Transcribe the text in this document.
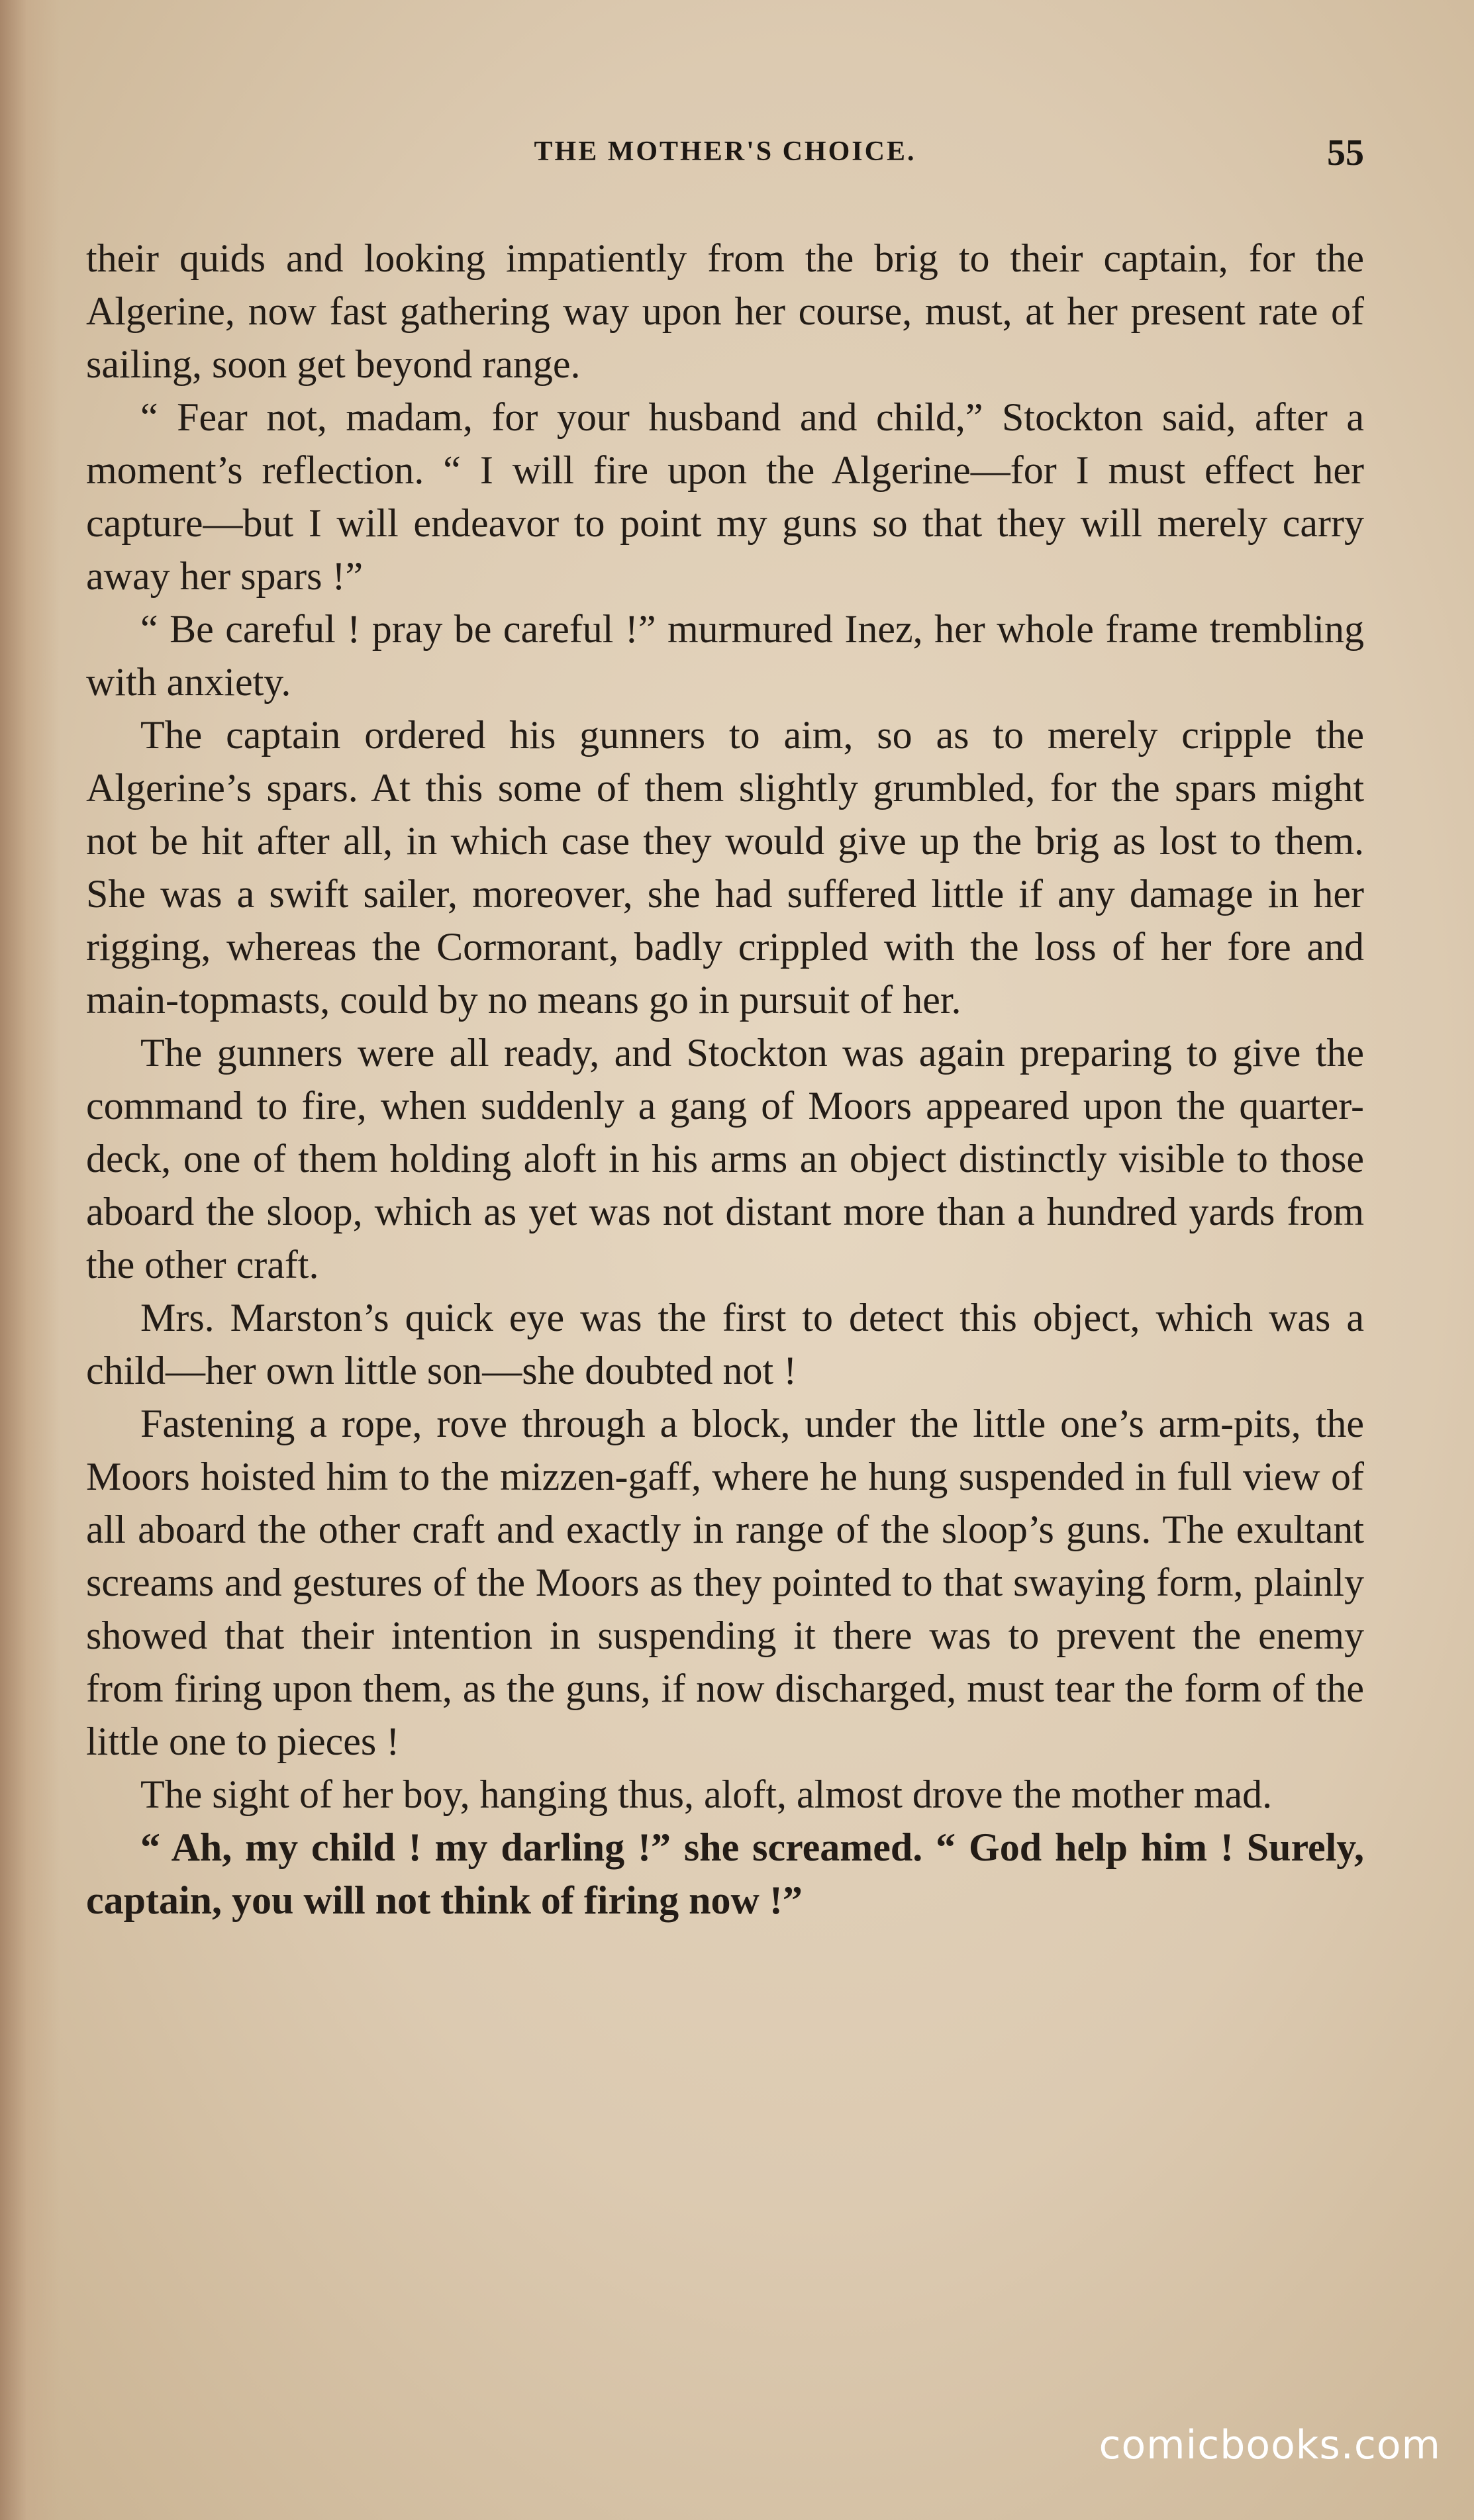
THE MOTHER'S CHOICE.	55

their quids and looking impatiently from the brig to their captain, for the Algerine, now fast gathering way upon her course, must, at her present rate of sailing, soon get beyond range.

“ Fear not, madam, for your husband and child,” Stockton said, after a moment’s reflection. “ I will fire upon the Algerine—for I must effect her capture—but I will endeavor to point my guns so that they will merely carry away her spars !”

“ Be careful ! pray be careful !” murmured Inez, her whole frame trembling with anxiety.

The captain ordered his gunners to aim, so as to merely cripple the Algerine’s spars. At this some of them slightly grumbled, for the spars might not be hit after all, in which case they would give up the brig as lost to them. She was a swift sailer, moreover, she had suffered little if any damage in her rigging, whereas the Cormorant, badly crippled with the loss of her fore and main-topmasts, could by no means go in pursuit of her.

The gunners were all ready, and Stockton was again preparing to give the command to fire, when suddenly a gang of Moors appeared upon the quarter-deck, one of them holding aloft in his arms an object distinctly visible to those aboard the sloop, which as yet was not distant more than a hundred yards from the other craft.

Mrs. Marston’s quick eye was the first to detect this object, which was a child—her own little son—she doubted not !

Fastening a rope, rove through a block, under the little one’s arm-pits, the Moors hoisted him to the mizzen-gaff, where he hung suspended in full view of all aboard the other craft and exactly in range of the sloop’s guns. The exultant screams and gestures of the Moors as they pointed to that swaying form, plainly showed that their intention in suspending it there was to prevent the enemy from firing upon them, as the guns, if now discharged, must tear the form of the little one to pieces !

The sight of her boy, hanging thus, aloft, almost drove the mother mad.

“ Ah, my child ! my darling !” she screamed. “ God help him ! Surely, captain, you will not think of firing now !”

comicbooks.com
